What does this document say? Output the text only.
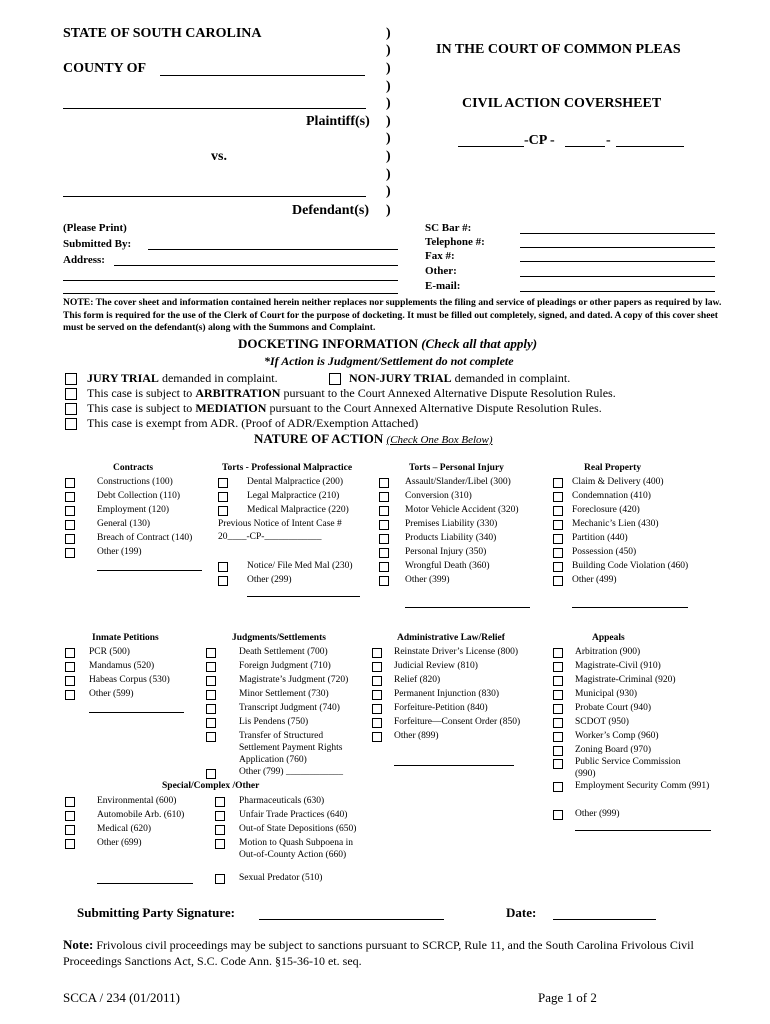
STATE OF SOUTH CAROLINA
COUNTY OF
Plaintiff(s)
vs.
Defendant(s)
)
)
)
)
)
)
)
)
)
)
)
IN THE COURT OF COMMON PLEAS
CIVIL ACTION COVERSHEET
-CP -	-
(Please Print)
Submitted By:
Address:
SC Bar #:
Telephone #:
Fax #:
Other:
E-mail:
NOTE: The cover sheet and information contained herein neither replaces nor supplements the filing and service of pleadings or other papers as required by law. This form is required for the use of the Clerk of Court for the purpose of docketing. It must be filled out completely, signed, and dated. A copy of this cover sheet must be served on the defendant(s) along with the Summons and Complaint.
DOCKETING INFORMATION (Check all that apply)
*If Action is Judgment/Settlement do not complete
JURY TRIAL demanded in complaint.	NON-JURY TRIAL demanded in complaint.
This case is subject to ARBITRATION pursuant to the Court Annexed Alternative Dispute Resolution Rules.
This case is subject to MEDIATION pursuant to the Court Annexed Alternative Dispute Resolution Rules.
This case is exempt from ADR. (Proof of ADR/Exemption Attached)
NATURE OF ACTION (Check One Box Below)
Contracts
Constructions (100)
Debt Collection (110)
Employment (120)
General (130)
Breach of Contract (140)
Other (199)
Torts - Professional Malpractice
Dental Malpractice (200)
Legal Malpractice (210)
Medical Malpractice (220)
Previous Notice of Intent Case #
20____-CP-____________
Notice/ File Med Mal (230)
Other (299)
Torts – Personal Injury
Assault/Slander/Libel (300)
Conversion (310)
Motor Vehicle Accident (320)
Premises Liability (330)
Products Liability (340)
Personal Injury (350)
Wrongful Death (360)
Other (399)
Real Property
Claim & Delivery (400)
Condemnation (410)
Foreclosure (420)
Mechanic’s Lien (430)
Partition (440)
Possession (450)
Building Code Violation (460)
Other (499)
Inmate Petitions
PCR (500)
Mandamus (520)
Habeas Corpus (530)
Other (599)
Judgments/Settlements
Death Settlement (700)
Foreign Judgment (710)
Magistrate’s Judgment (720)
Minor Settlement (730)
Transcript Judgment (740)
Lis Pendens (750)
Transfer of Structured
Settlement Payment Rights
Application (760)
Other (799) ____________
Administrative Law/Relief
Reinstate Driver’s License (800)
Judicial Review (810)
Relief (820)
Permanent Injunction (830)
Forfeiture-Petition (840)
Forfeiture—Consent Order (850)
Other (899)
Appeals
Arbitration (900)
Magistrate-Civil (910)
Magistrate-Criminal (920)
Municipal (930)
Probate Court (940)
SCDOT (950)
Worker’s Comp (960)
Zoning Board (970)
Public Service Commission
(990)
Employment Security Comm (991)
Other (999)
Special/Complex /Other
Environmental (600)
Automobile Arb. (610)
Medical (620)
Other (699)
Pharmaceuticals (630)
Unfair Trade Practices (640)
Out-of State Depositions (650)
Motion to Quash Subpoena in
Out-of-County Action (660)
Sexual Predator (510)
Submitting Party Signature:	Date:
Note: Frivolous civil proceedings may be subject to sanctions pursuant to SCRCP, Rule 11, and the South Carolina Frivolous Civil Proceedings Sanctions Act, S.C. Code Ann. §15-36-10 et. seq.
SCCA / 234 (01/2011)	Page 1 of 2
